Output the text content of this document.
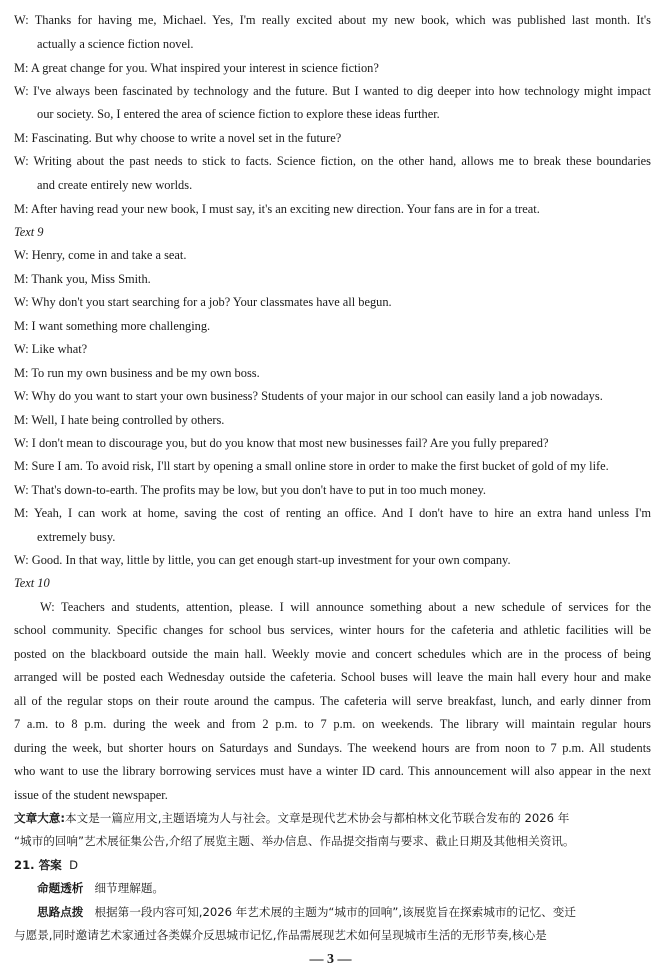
W: Thanks for having me, Michael. Yes, I'm really excited about my new book, which was published last month. It's
actually a science fiction novel.
M: A great change for you. What inspired your interest in science fiction?
W: I've always been fascinated by technology and the future. But I wanted to dig deeper into how technology might impact
our society. So, I entered the area of science fiction to explore these ideas further.
M: Fascinating. But why choose to write a novel set in the future?
W: Writing about the past needs to stick to facts. Science fiction, on the other hand, allows me to break these boundaries
and create entirely new worlds.
M: After having read your new book, I must say, it's an exciting new direction. Your fans are in for a treat.
Text 9
W: Henry, come in and take a seat.
M: Thank you, Miss Smith.
W: Why don't you start searching for a job? Your classmates have all begun.
M: I want something more challenging.
W: Like what?
M: To run my own business and be my own boss.
W: Why do you want to start your own business? Students of your major in our school can easily land a job nowadays.
M: Well, I hate being controlled by others.
W: I don't mean to discourage you, but do you know that most new businesses fail? Are you fully prepared?
M: Sure I am. To avoid risk, I'll start by opening a small online store in order to make the first bucket of gold of my life.
W: That's down-to-earth. The profits may be low, but you don't have to put in too much money.
M: Yeah, I can work at home, saving the cost of renting an office. And I don't have to hire an extra hand unless I'm
extremely busy.
W: Good. In that way, little by little, you can get enough start-up investment for your own company.
Text 10
W: Teachers and students, attention, please. I will announce something about a new schedule of services for the
school community. Specific changes for school bus services, winter hours for the cafeteria and athletic facilities will be
posted on the blackboard outside the main hall. Weekly movie and concert schedules which are in the process of being
arranged will be posted each Wednesday outside the cafeteria. School buses will leave the main hall every hour and make
all of the regular stops on their route around the campus. The cafeteria will serve breakfast, lunch, and early dinner from
7 a.m. to 8 p.m. during the week and from 2 p.m. to 7 p.m. on weekends. The library will maintain regular hours
during the week, but shorter hours on Saturdays and Sundays. The weekend hours are from noon to 7 p.m. All students
who want to use the library borrowing services must have a winter ID card. This announcement will also appear in the next
issue of the student newspaper.
文章大意:本文是一篇应用文,主题语境为人与社会。文章是现代艺术协会与都柏林文化节联合发布的 2026 年
“城市的回响”艺术展征集公告,介绍了展览主题、举办信息、作品提交指南与要求、截止日期及其他相关资讯。
21. 答案 D
命题透析 细节理解题。
思路点拨 根据第一段内容可知,2026 年艺术展的主题为“城市的回响”,该展览旨在探索城市的记忆、变迁
与愿景,同时邀请艺术家通过各类媒介反思城市记忆,作品需展现艺术如何呈现城市生活的无形节奏,核心是
— 3 —
